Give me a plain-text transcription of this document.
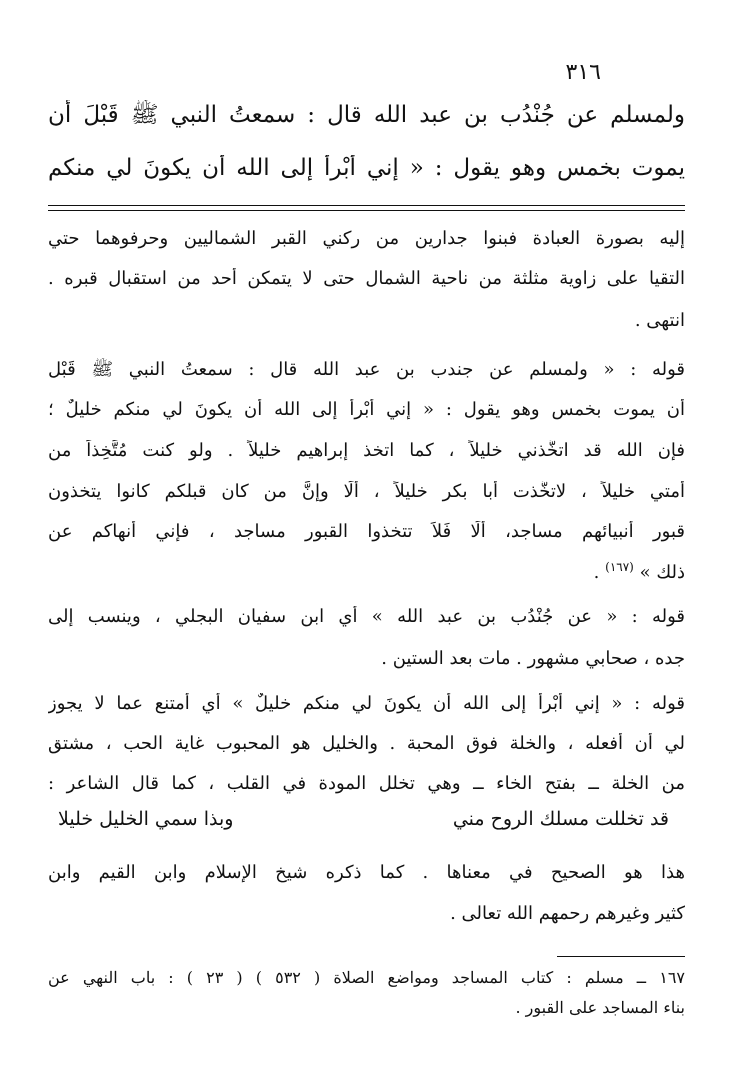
٣١٦
ولمسلم عن جُنْدُب بن عبد الله قال : سمعتُ النبي ﷺ قَبْلَ أن
يموت بخمسٍ وهو يقول : « إني أَبْرأُ إلى الله أن يكونَ لي منكم
إليه بصورة العبادة فبنوا جدارين من ركني القبر الشماليين وحرفوهما حتي
التقيا على زاوية مثلثة من ناحية الشمال حتى لا يتمكن أحد من استقبال قبره .
انتهى .
قوله : « ولمسلم عن جندب بن عبد الله قال : سمعتُ النبي ﷺ قَبْل
أن يموت بخمسٍ وهو يقول : « إني أَبْرأُ إلى الله أن يكونَ لي منكم خليلٌ ؛
فإن الله قد اتخَّذني خليلاً ، كما اتخذ إبراهيم خليلاً . ولو كنت مُتَّخِذاً من
أُمتي خليلاً ، لاتخَّذت أبا بكر خليلاً ، ألَا وإنَّ من كان قبلكم كانوا يتخذون
قبور أنبيائهم مساجد، ألَا فَلاَ تتخذوا القبور مساجد ، فإني أنهاكم عن
ذلك » $^{(١٦٧)}$ .
قوله : « عن جُنْدُب بن عبد الله » أي ابن سفيان البجلي ، وينسب إلى
جده ، صحابي مشهور . مات بعد الستين .
قوله : « إني أَبْرأُ إلى الله أن يكونَ لي منكم خليلٌ » أي أمتنع عما لا يجوز
لي أن أفعله ، والخلة فوق المحبة . والخليل هو المحبوب غاية الحب ، مشتق
من الخلة ــ بفتح الخاء ــ وهي تخلل المودة في القلب ، كما قال الشاعر :
قد تخللت مسلك الروح مني
وبذا سمي الخليل خليلا
هذا هو الصحيح في معناها . كما ذكره شيخ الإسلام وابن القيم وابن
كثير وغيرهم رحمهم الله تعالى .
١٦٧ ــ مسلم : كتاب المساجد ومواضع الصلاة ( ٥٣٢ ) ( ٢٣ ) : باب النهي عن
بناء المساجد على القبور .
